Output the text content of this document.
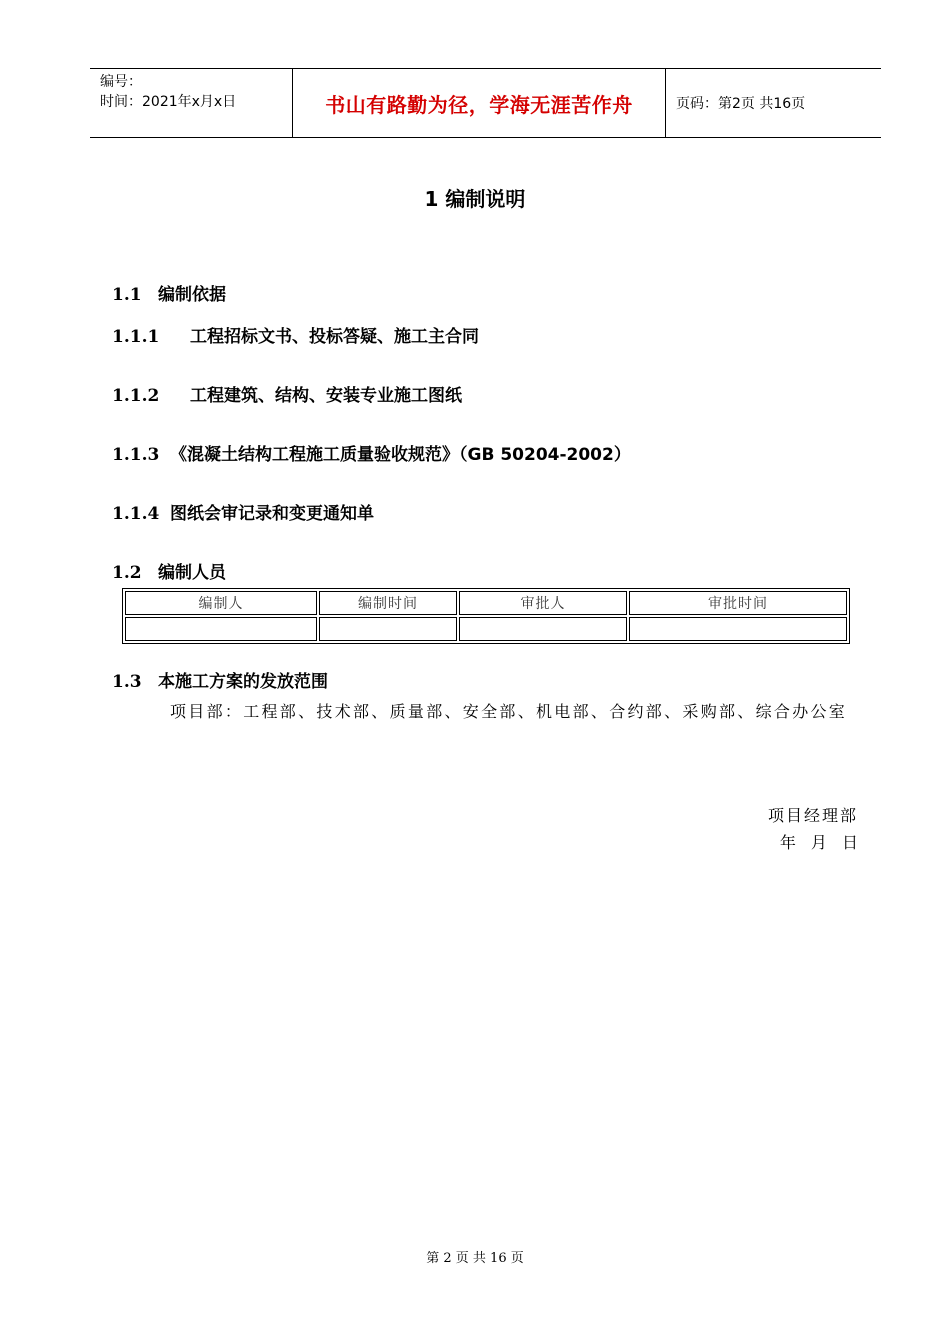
编号：
时间：2021年x月x日	书山有路勤为径，学海无涯苦作舟	页码：第2页 共16页
1 编制说明
1.1 编制依据
1.1.1 工程招标文书、投标答疑、施工主合同
1.1.2 工程建筑、结构、安装专业施工图纸
1.1.3 《混凝土结构工程施工质量验收规范》（GB 50204-2002）
1.1.4 图纸会审记录和变更通知单
1.2 编制人员
编制人	编制时间	审批人	审批时间

1.3 本施工方案的发放范围
项目部：工程部、技术部、质量部、安全部、机电部、合约部、采购部、综合办公室
项目经理部
年 月 日
第 2 页 共 16 页
